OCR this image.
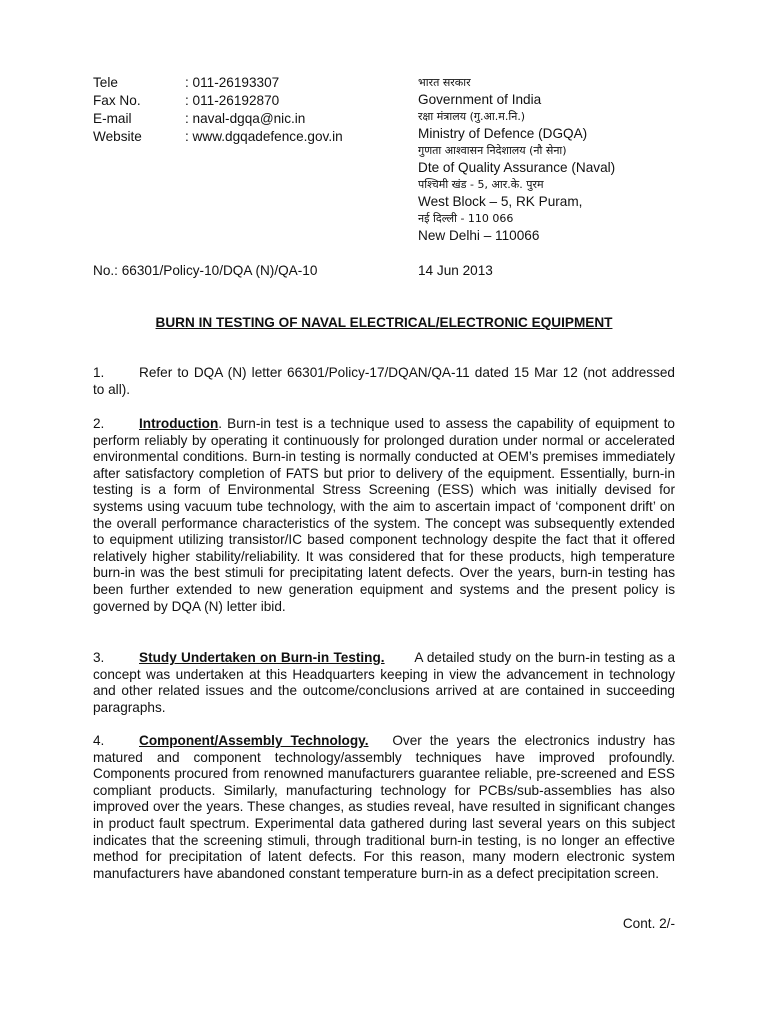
Tele	: 011-26193307
Fax No.	: 011-26192870
E-mail	: naval-dgqa@nic.in
Website	: www.dgqadefence.gov.in
भारत सरकार
Government of India
रक्षा मंत्रालय (गु.आ.म.नि.)
Ministry of Defence (DGQA)
गुणता आश्वासन निदेशालय (नौ सेना)
Dte of Quality Assurance (Naval)
पश्चिमी खंड - 5, आर.के. पुरम
West Block – 5, RK Puram,
नई दिल्ली - 110 066
New Delhi – 110066
No.: 66301/Policy-10/DQA (N)/QA-10	14 Jun 2013
BURN IN TESTING OF NAVAL ELECTRICAL/ELECTRONIC EQUIPMENT

1.	Refer to DQA (N) letter 66301/Policy-17/DQAN/QA-11 dated 15 Mar 12 (not addressed to all).

2.	Introduction. Burn-in test is a technique used to assess the capability of equipment to perform reliably by operating it continuously for prolonged duration under normal or accelerated environmental conditions. Burn-in testing is normally conducted at OEM’s premises immediately after satisfactory completion of FATS but prior to delivery of the equipment. Essentially, burn-in testing is a form of Environmental Stress Screening (ESS) which was initially devised for systems using vacuum tube technology, with the aim to ascertain impact of ‘component drift’ on the overall performance characteristics of the system. The concept was subsequently extended to equipment utilizing transistor/IC based component technology despite the fact that it offered relatively higher stability/reliability. It was considered that for these products, high temperature burn-in was the best stimuli for precipitating latent defects. Over the years, burn-in testing has been further extended to new generation equipment and systems and the present policy is governed by DQA (N) letter ibid.

3.	Study Undertaken on Burn-in Testing. A detailed study on the burn-in testing as a concept was undertaken at this Headquarters keeping in view the advancement in technology and other related issues and the outcome/conclusions arrived at are contained in succeeding paragraphs.

4.	Component/Assembly Technology. Over the years the electronics industry has matured and component technology/assembly techniques have improved profoundly. Components procured from renowned manufacturers guarantee reliable, pre-screened and ESS compliant products. Similarly, manufacturing technology for PCBs/sub-assemblies has also improved over the years. These changes, as studies reveal, have resulted in significant changes in product fault spectrum. Experimental data gathered during last several years on this subject indicates that the screening stimuli, through traditional burn-in testing, is no longer an effective method for precipitation of latent defects. For this reason, many modern electronic system manufacturers have abandoned constant temperature burn-in as a defect precipitation screen.

Cont. 2/-
